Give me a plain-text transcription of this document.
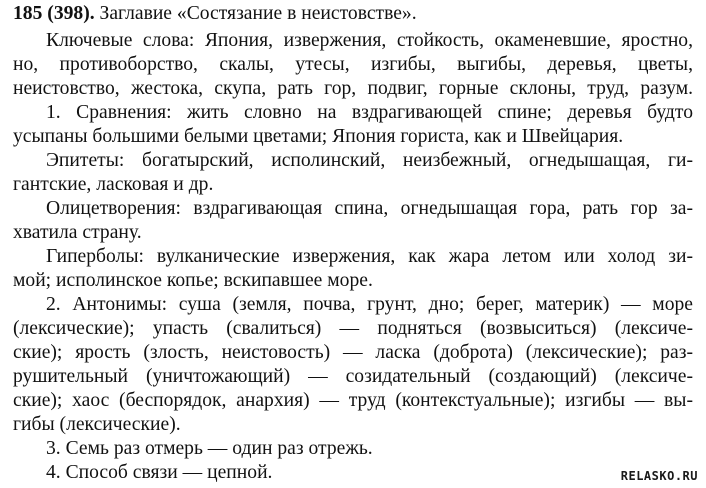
185 (398). Заглавие «Состязание в неистовстве».
Ключевые слова: Япония, извержения, стойкость, окаменевшие, яростно,
но, противоборство, скалы, утесы, изгибы, выгибы, деревья, цветы,
неистовство, жестока, скупа, рать гор, подвиг, горные склоны, труд, разум.
1. Сравнения: жить словно на вздрагивающей спине; деревья будто
усыпаны большими белыми цветами; Япония гориста, как и Швейцария.
Эпитеты: богатырский, исполинский, неизбежный, огнедышащая, ги-
гантские, ласковая и др.
Олицетворения: вздрагивающая спина, огнедышащая гора, рать гор за-
хватила страну.
Гиперболы: вулканические извержения, как жара летом или холод зи-
мой; исполинское копье; вскипавшее море.
2. Антонимы: суша (земля, почва, грунт, дно; берег, материк) — море
(лексические); упасть (свалиться) — подняться (возвыситься) (лексиче-
ские); ярость (злость, неистовость) — ласка (доброта) (лексические); раз-
рушительный (уничтожающий) — созидательный (создающий) (лексиче-
ские); хаос (беспорядок, анархия) — труд (контекстуальные); изгибы — вы-
гибы (лексические).
3. Семь раз отмерь — один раз отрежь.
4. Способ связи — цепной.	RELASKO.RU
